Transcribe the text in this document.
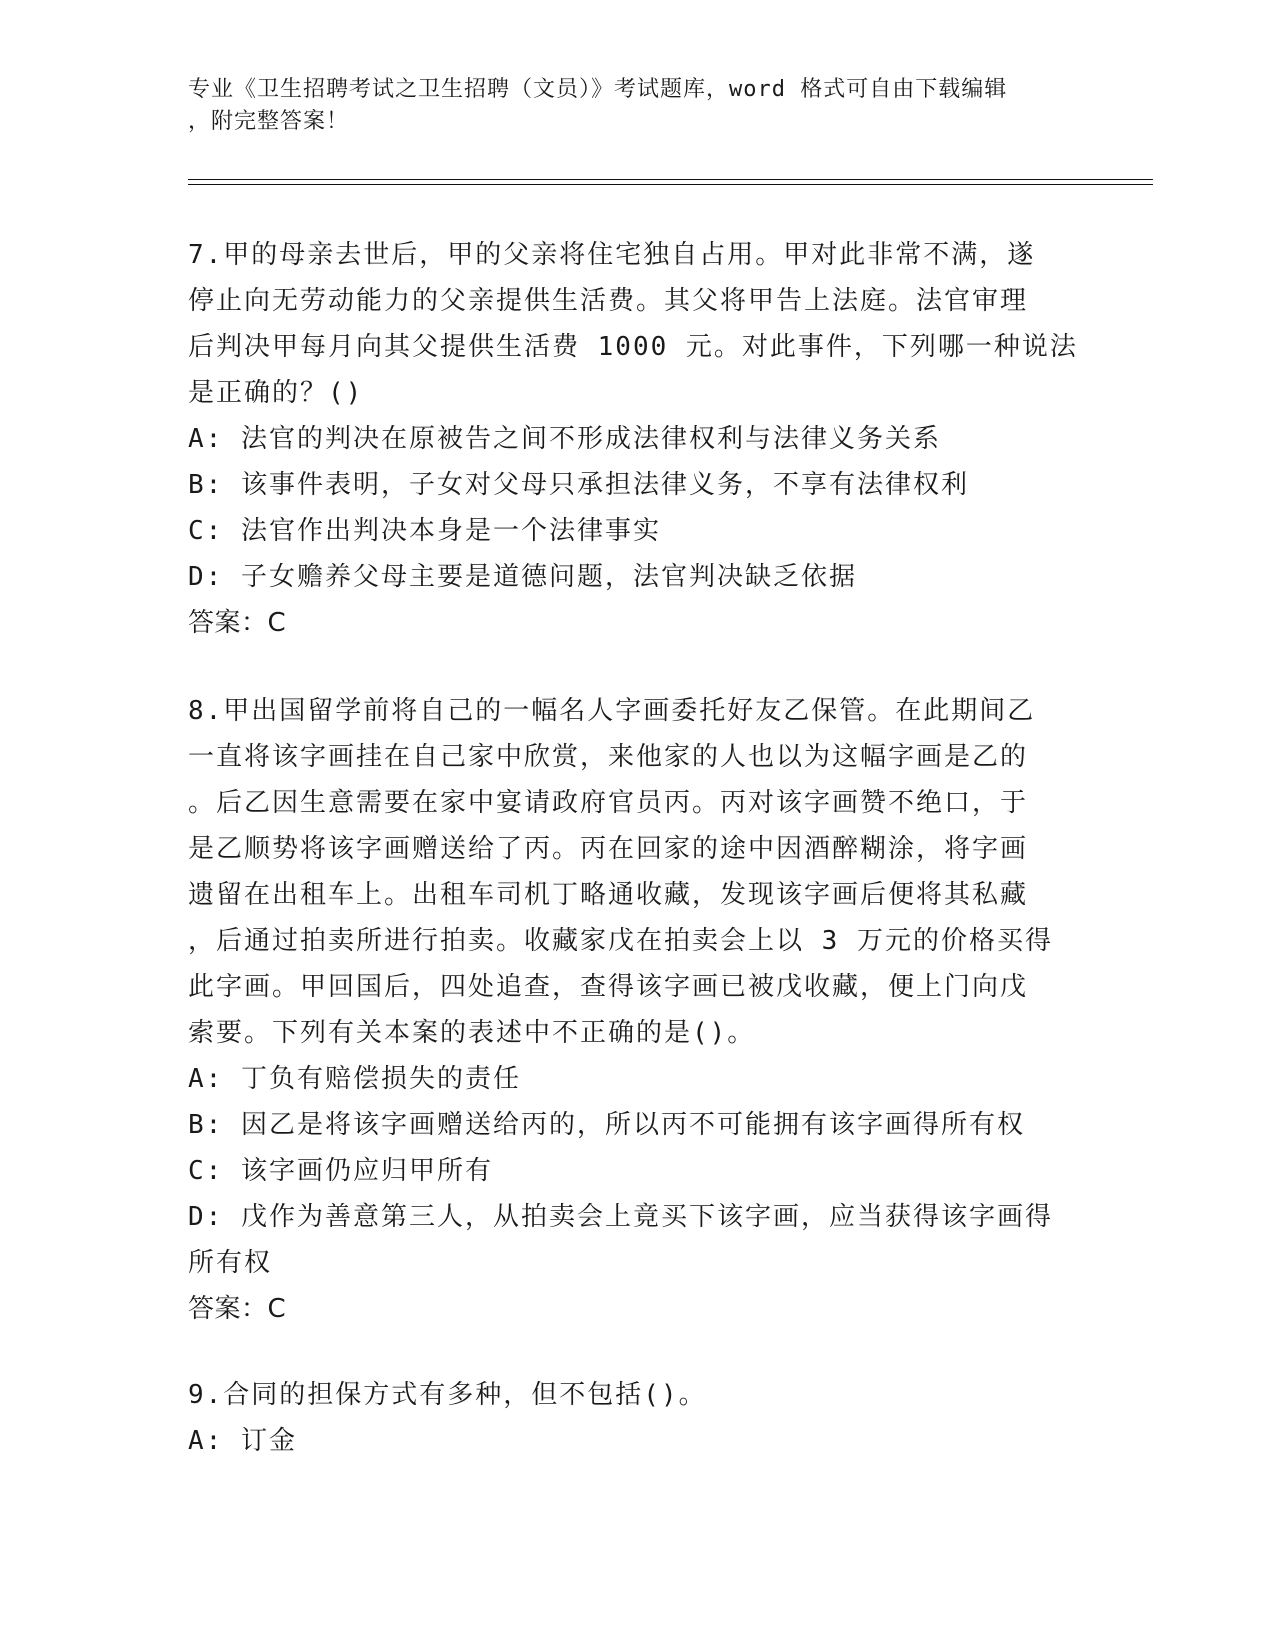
专业《卫生招聘考试之卫生招聘（文员）》考试题库，word 格式可自由下载编辑
，附完整答案！

7.甲的母亲去世后，甲的父亲将住宅独自占用。甲对此非常不满，遂
停止向无劳动能力的父亲提供生活费。其父将甲告上法庭。法官审理
后判决甲每月向其父提供生活费 1000 元。对此事件，下列哪一种说法
是正确的？()

A: 法官的判决在原被告之间不形成法律权利与法律义务关系

B: 该事件表明，子女对父母只承担法律义务，不享有法律权利

C: 法官作出判决本身是一个法律事实

D: 子女赡养父母主要是道德问题，法官判决缺乏依据

答案：C

8.甲出国留学前将自己的一幅名人字画委托好友乙保管。在此期间乙
一直将该字画挂在自己家中欣赏，来他家的人也以为这幅字画是乙的
。后乙因生意需要在家中宴请政府官员丙。丙对该字画赞不绝口，于
是乙顺势将该字画赠送给了丙。丙在回家的途中因酒醉糊涂，将字画
遗留在出租车上。出租车司机丁略通收藏，发现该字画后便将其私藏
，后通过拍卖所进行拍卖。收藏家戊在拍卖会上以 3 万元的价格买得
此字画。甲回国后，四处追查，查得该字画已被戊收藏，便上门向戊
索要。下列有关本案的表述中不正确的是()。

A: 丁负有赔偿损失的责任

B: 因乙是将该字画赠送给丙的，所以丙不可能拥有该字画得所有权

C: 该字画仍应归甲所有

D: 戊作为善意第三人，从拍卖会上竟买下该字画，应当获得该字画得
所有权

答案：C

9.合同的担保方式有多种，但不包括()。

A: 订金
